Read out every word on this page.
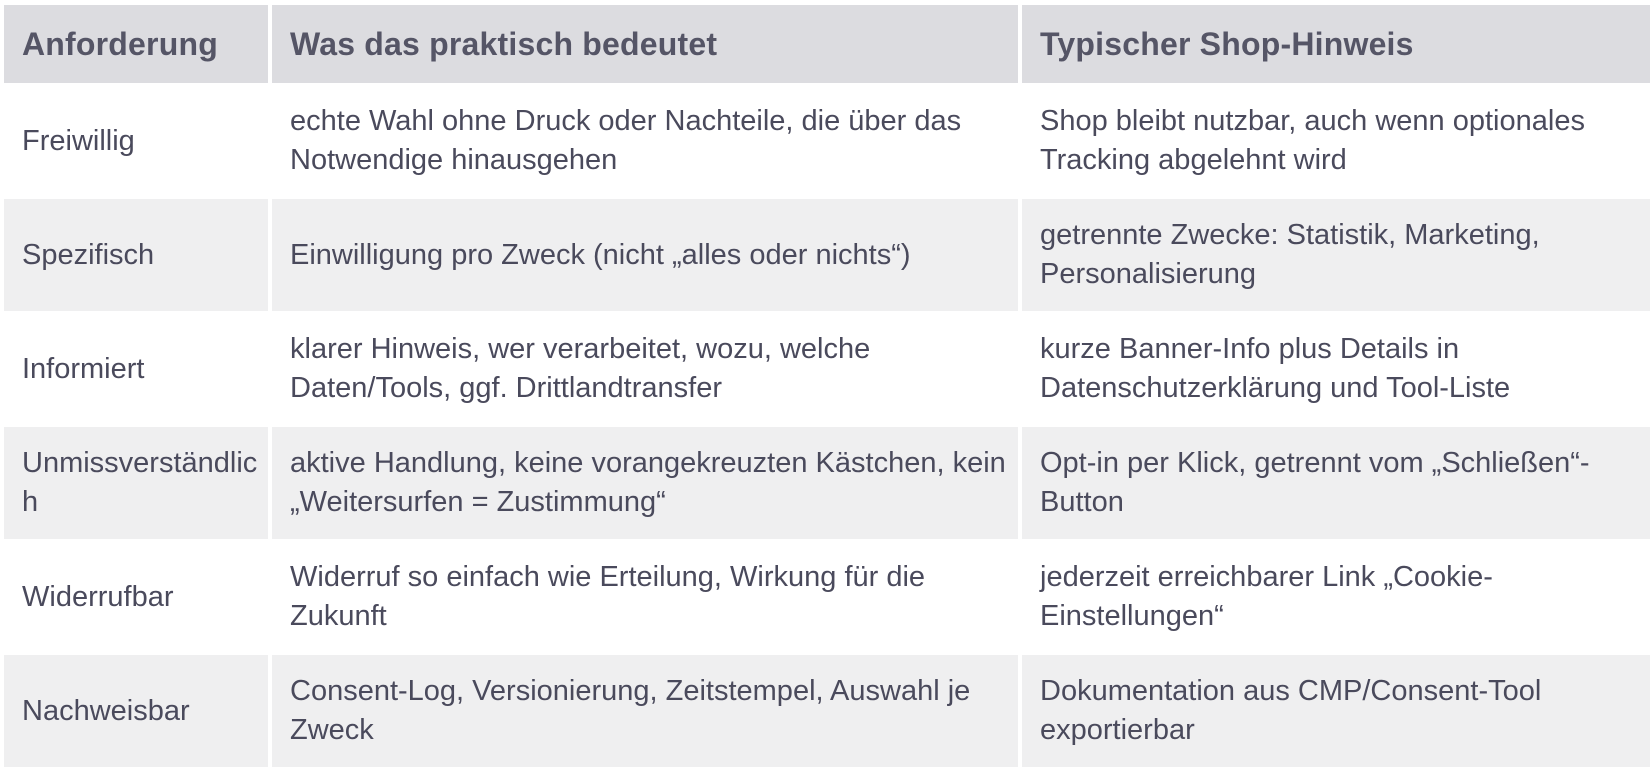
Anforderung	Was das praktisch bedeutet	Typischer Shop-Hinweis

Freiwillig	echte Wahl ohne Druck oder Nachteile, die über das Notwendige hinausgehen	Shop bleibt nutzbar, auch wenn optionales Tracking abgelehnt wird

Spezifisch	Einwilligung pro Zweck (nicht „alles oder nichts“)	getrennte Zwecke: Statistik, Marketing, Personalisierung

Informiert	klarer Hinweis, wer verarbeitet, wozu, welche Daten/Tools, ggf. Drittlandtransfer	kurze Banner-Info plus Details in Datenschutzerklärung und Tool-Liste

Unmissverständlich	aktive Handlung, keine vorangekreuzten Kästchen, kein „Weitersurfen = Zustimmung“	Opt-in per Klick, getrennt vom „Schließen“-Button

Widerrufbar	Widerruf so einfach wie Erteilung, Wirkung für die Zukunft	jederzeit erreichbarer Link „Cookie-Einstellungen“

Nachweisbar	Consent-Log, Versionierung, Zeitstempel, Auswahl je Zweck	Dokumentation aus CMP/Consent-Tool exportierbar
